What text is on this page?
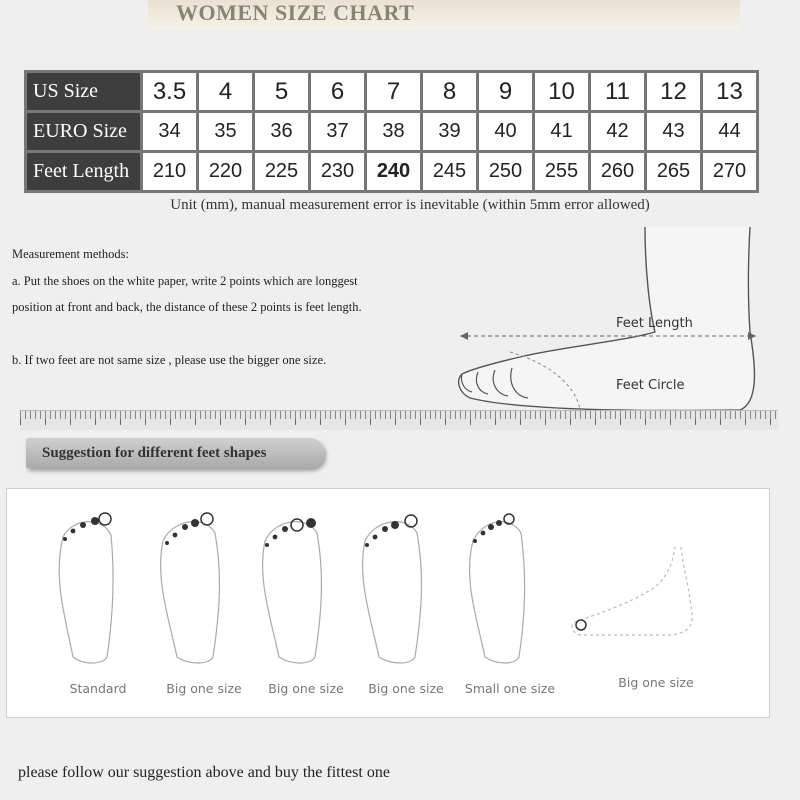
WOMEN SIZE CHART
US Size	3.5	4	5	6	7	8	9	10	11	12	13
EURO Size	34	35	36	37	38	39	40	41	42	43	44
Feet Length	210	220	225	230	240	245	250	255	260	265	270
Unit (mm), manual measurement error is inevitable (within 5mm error allowed)

Measurement methods:

a. Put the shoes on the white paper, write 2 points which are longgest

position at front and back, the distance of these 2 points is feet length.

b. If two feet are not same size , please use the bigger one size.

Feet Length
Feet Circle
Suggestion for different feet shapes
Standard	Big one size	Big one size	Big one size	Small one size	Big one size
please follow our suggestion above and buy the fittest one
